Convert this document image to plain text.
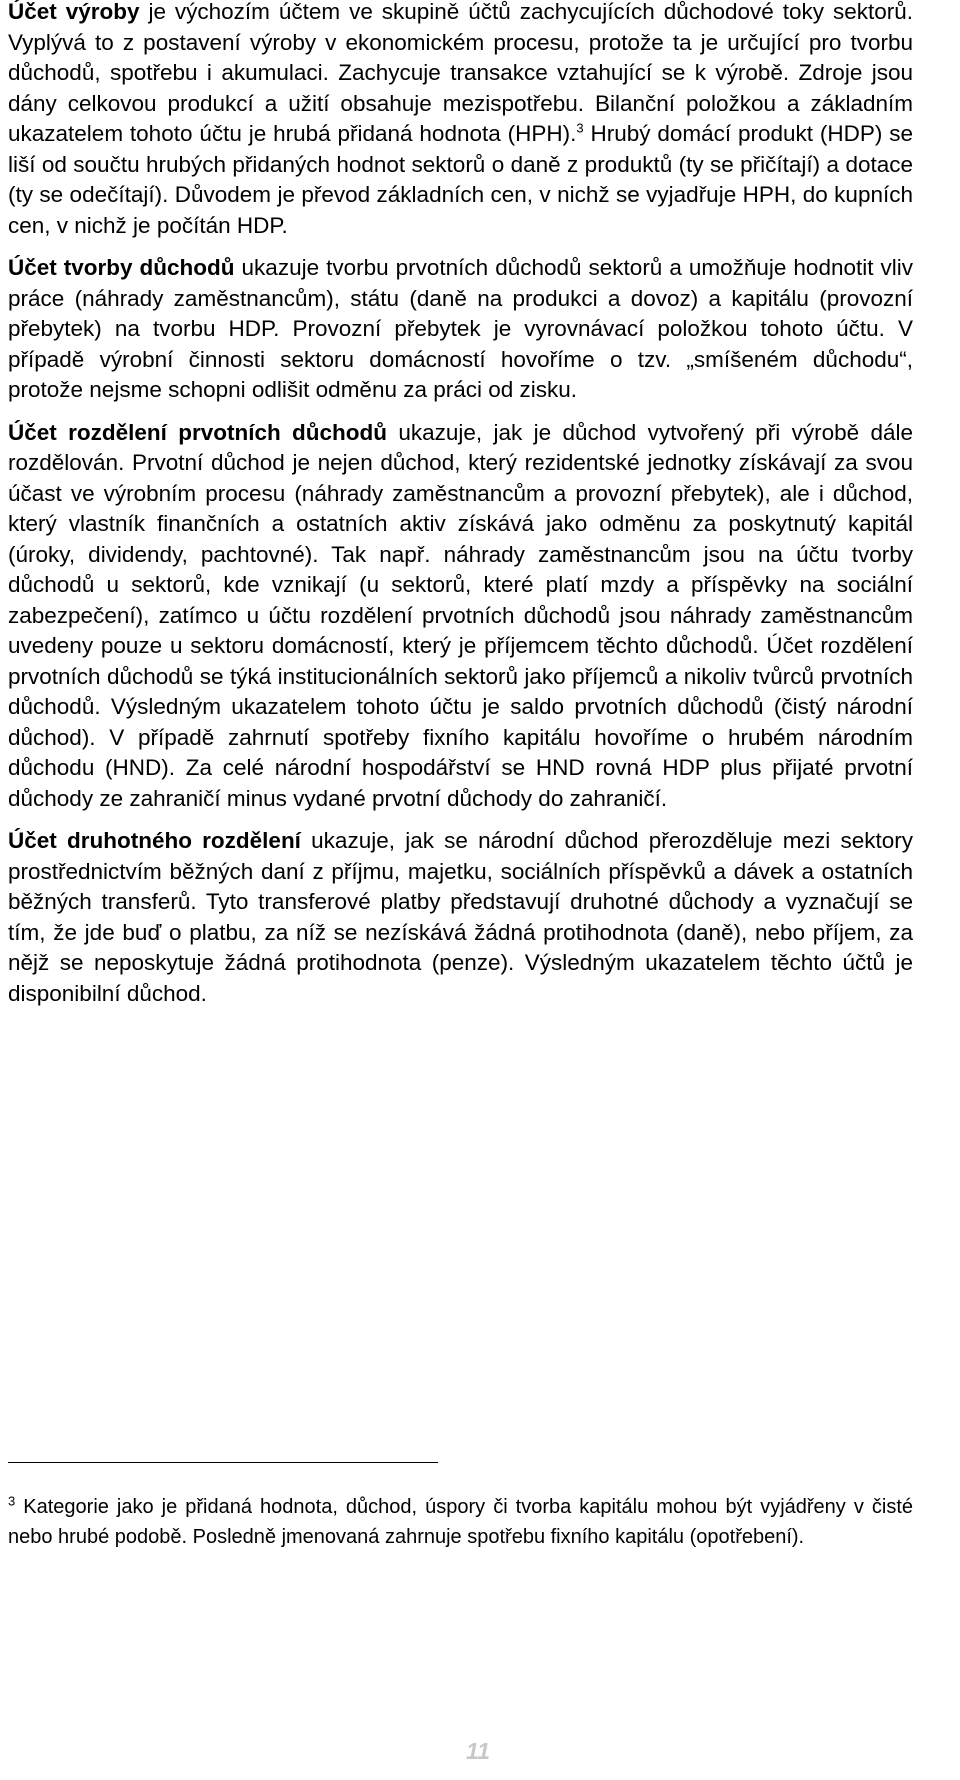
Účet výroby je výchozím účtem ve skupině účtů zachycujících důchodové toky sektorů. Vyplývá to z postavení výroby v ekonomickém procesu, protože ta je určující pro tvorbu důchodů, spotřebu i akumulaci. Zachycuje transakce vztahující se k výrobě. Zdroje jsou dány celkovou produkcí a užití obsahuje mezispotřebu. Bilanční položkou a základním ukazatelem tohoto účtu je hrubá přidaná hodnota (HPH).$^3$ Hrubý domácí produkt (HDP) se liší od součtu hrubých přidaných hodnot sektorů o daně z produktů (ty se přičítají) a dotace (ty se odečítají). Důvodem je převod základních cen, v nichž se vyjadřuje HPH, do kupních cen, v nichž je počítán HDP.

Účet tvorby důchodů ukazuje tvorbu prvotních důchodů sektorů a umožňuje hodnotit vliv práce (náhrady zaměstnancům), státu (daně na produkci a dovoz) a kapitálu (provozní přebytek) na tvorbu HDP. Provozní přebytek je vyrovnávací položkou tohoto účtu. V případě výrobní činnosti sektoru domácností hovoříme o tzv. „smíšeném důchodu“, protože nejsme schopni odlišit odměnu za práci od zisku.

Účet rozdělení prvotních důchodů ukazuje, jak je důchod vytvořený při výrobě dále rozdělován. Prvotní důchod je nejen důchod, který rezidentské jednotky získávají za svou účast ve výrobním procesu (náhrady zaměstnancům a provozní přebytek), ale i důchod, který vlastník finančních a ostatních aktiv získává jako odměnu za poskytnutý kapitál (úroky, dividendy, pachtovné). Tak např. náhrady zaměstnancům jsou na účtu tvorby důchodů u sektorů, kde vznikají (u sektorů, které platí mzdy a příspěvky na sociální zabezpečení), zatímco u účtu rozdělení prvotních důchodů jsou náhrady zaměstnancům uvedeny pouze u sektoru domácností, který je příjemcem těchto důchodů. Účet rozdělení prvotních důchodů se týká institucionálních sektorů jako příjemců a nikoliv tvůrců prvotních důchodů. Výsledným ukazatelem tohoto účtu je saldo prvotních důchodů (čistý národní důchod). V případě zahrnutí spotřeby fixního kapitálu hovoříme o hrubém národním důchodu (HND). Za celé národní hospodářství se HND rovná HDP plus přijaté prvotní důchody ze zahraničí minus vydané prvotní důchody do zahraničí.

Účet druhotného rozdělení ukazuje, jak se národní důchod přerozděluje mezi sektory prostřednictvím běžných daní z příjmu, majetku, sociálních příspěvků a dávek a ostatních běžných transferů. Tyto transferové platby představují druhotné důchody a vyznačují se tím, že jde buď o platbu, za níž se nezískává žádná protihodnota (daně), nebo příjem, za nějž se neposkytuje žádná protihodnota (penze). Výsledným ukazatelem těchto účtů je disponibilní důchod.

$^3$ Kategorie jako je přidaná hodnota, důchod, úspory či tvorba kapitálu mohou být vyjádřeny v čisté nebo hrubé podobě. Posledně jmenovaná zahrnuje spotřebu fixního kapitálu (opotřebení).
11
